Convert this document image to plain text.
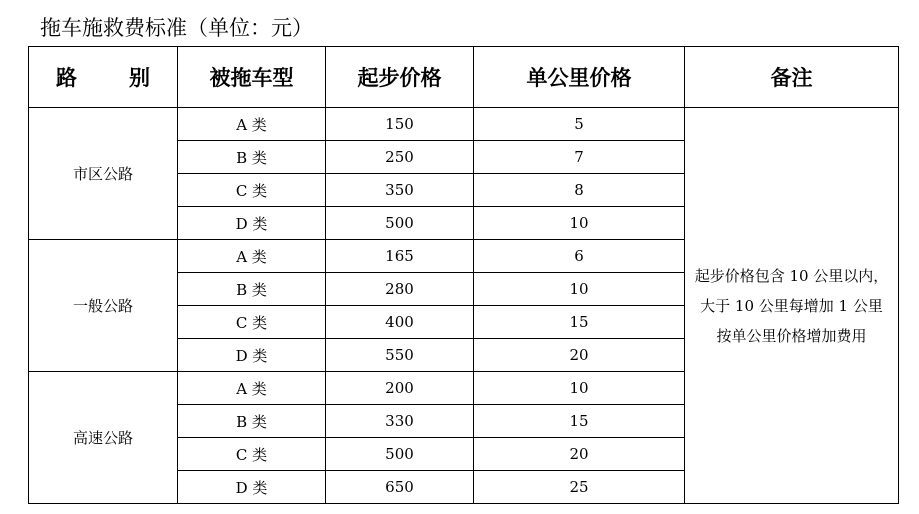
拖车施救费标准（单位：元）
路 别	被拖车型	起步价格	单公里价格	备注
市区公路	A 类	150	5	起步价格包含 10 公里以内，大于 10 公里每增加 1 公里按单公里价格增加费用
	B 类	250	7	
	C 类	350	8	
	D 类	500	10	
一般公路	A 类	165	6	
	B 类	280	10	
	C 类	400	15	
	D 类	550	20	
高速公路	A 类	200	10	
	B 类	330	15	
	C 类	500	20	
	D 类	650	25	
